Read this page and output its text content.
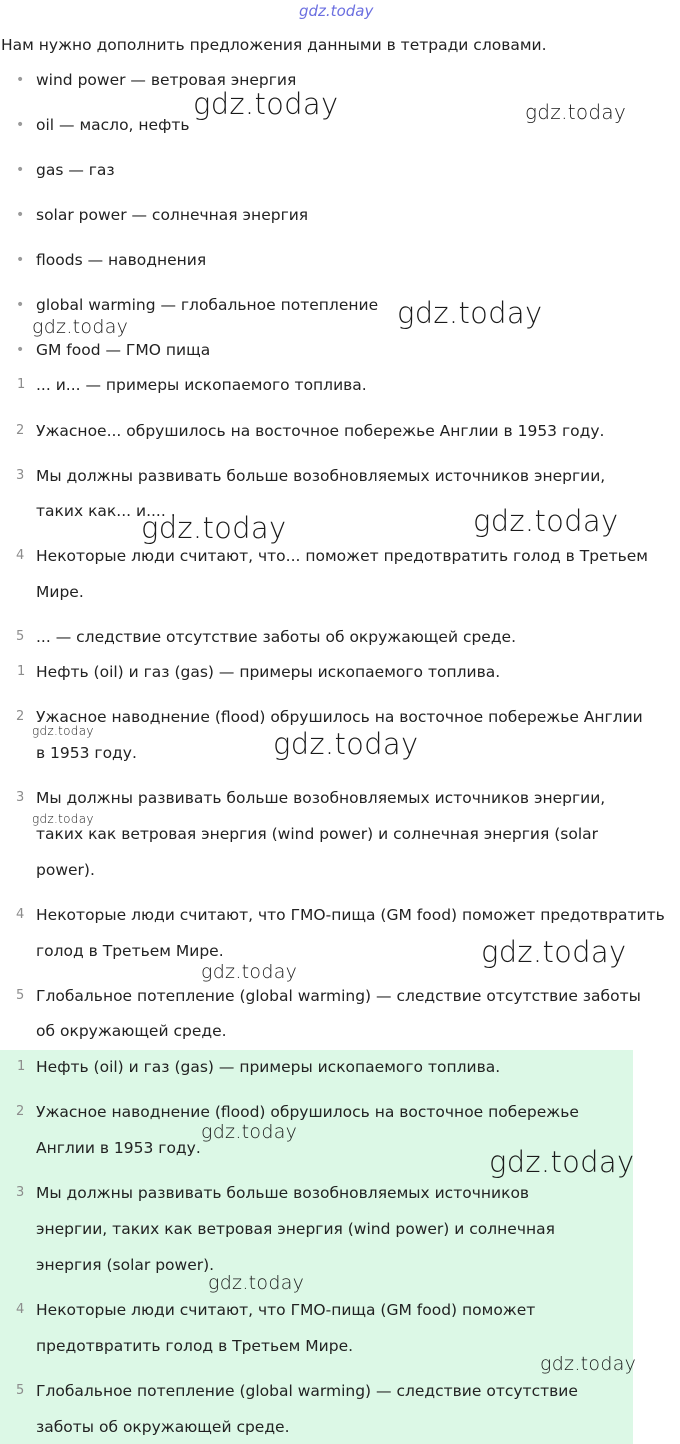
gdz.today
Нам нужно дополнить предложения данными в тетради словами.
• wind power — ветровая энергия
• oil — масло, нефть
• gas — газ
• solar power — солнечная энергия
• floods — наводнения
• global warming — глобальное потепление
• GM food — ГМО пища
1 ... и... — примеры ископаемого топлива.
2 Ужасное... обрушилось на восточное побережье Англии в 1953 году.
3 Мы должны развивать больше возобновляемых источников энергии,
таких как... и.... .
4 Некоторые люди считают, что... поможет предотвратить голод в Третьем
Мире.
5 ... — следствие отсутствие заботы об окружающей среде.
1 Нефть (oil) и газ (gas) — примеры ископаемого топлива.
2 Ужасное наводнение (flood) обрушилось на восточное побережье Англии
в 1953 году.
3 Мы должны развивать больше возобновляемых источников энергии,
таких как ветровая энергия (wind power) и солнечная энергия (solar
power).
4 Некоторые люди считают, что ГМО-пища (GM food) поможет предотвратить
голод в Третьем Мире.
5 Глобальное потепление (global warming) — следствие отсутствие заботы
об окружающей среде.
1 Нефть (oil) и газ (gas) — примеры ископаемого топлива.
2 Ужасное наводнение (flood) обрушилось на восточное побережье
Англии в 1953 году.
3 Мы должны развивать больше возобновляемых источников
энергии, таких как ветровая энергия (wind power) и солнечная
энергия (solar power).
4 Некоторые люди считают, что ГМО-пища (GM food) поможет
предотвратить голод в Третьем Мире.
5 Глобальное потепление (global warming) — следствие отсутствие
заботы об окружающей среде.
gdz.today	gdz.today
gdz.today
gdz.today
gdz.today	gdz.today
gdz.today	gdz.today
gdz.today
gdz.today
gdz.today
gdz.today
gdz.today
gdz.today
gdz.today
